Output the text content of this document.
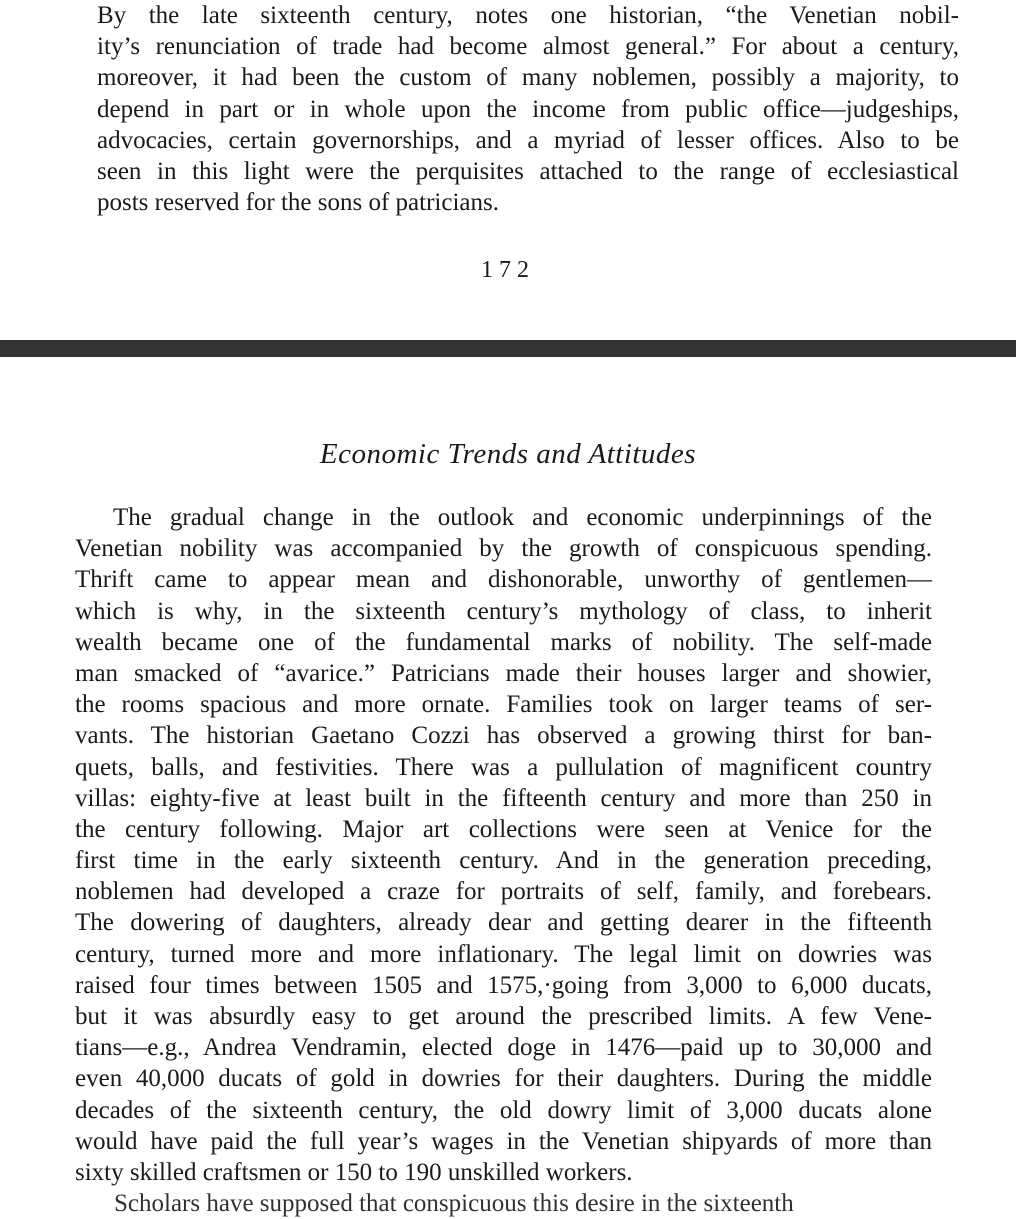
By the late sixteenth century, notes one historian, “the Venetian nobil-
ity’s renunciation of trade had become almost general.” For about a century,
moreover, it had been the custom of many noblemen, possibly a majority, to
depend in part or in whole upon the income from public office—judgeships,
advocacies, certain governorships, and a myriad of lesser offices. Also to be
seen in this light were the perquisites attached to the range of ecclesiastical
posts reserved for the sons of patricians.
172
Economic Trends and Attitudes
The gradual change in the outlook and economic underpinnings of the
Venetian nobility was accompanied by the growth of conspicuous spending.
Thrift came to appear mean and dishonorable, unworthy of gentlemen—
which is why, in the sixteenth century’s mythology of class, to inherit
wealth became one of the fundamental marks of nobility. The self-made
man smacked of “avarice.” Patricians made their houses larger and showier,
the rooms spacious and more ornate. Families took on larger teams of ser-
vants. The historian Gaetano Cozzi has observed a growing thirst for ban-
quets, balls, and festivities. There was a pullulation of magnificent country
villas: eighty-five at least built in the fifteenth century and more than 250 in
the century following. Major art collections were seen at Venice for the
first time in the early sixteenth century. And in the generation preceding,
noblemen had developed a craze for portraits of self, family, and forebears.
The dowering of daughters, already dear and getting dearer in the fifteenth
century, turned more and more inflationary. The legal limit on dowries was
raised four times between 1505 and 1575,·going from 3,000 to 6,000 ducats,
but it was absurdly easy to get around the prescribed limits. A few Vene-
tians—e.g., Andrea Vendramin, elected doge in 1476—paid up to 30,000 and
even 40,000 ducats of gold in dowries for their daughters. During the middle
decades of the sixteenth century, the old dowry limit of 3,000 ducats alone
would have paid the full year’s wages in the Venetian shipyards of more than
sixty skilled craftsmen or 150 to 190 unskilled workers.
Scholars have supposed that conspicuous this desire in the sixteenth
